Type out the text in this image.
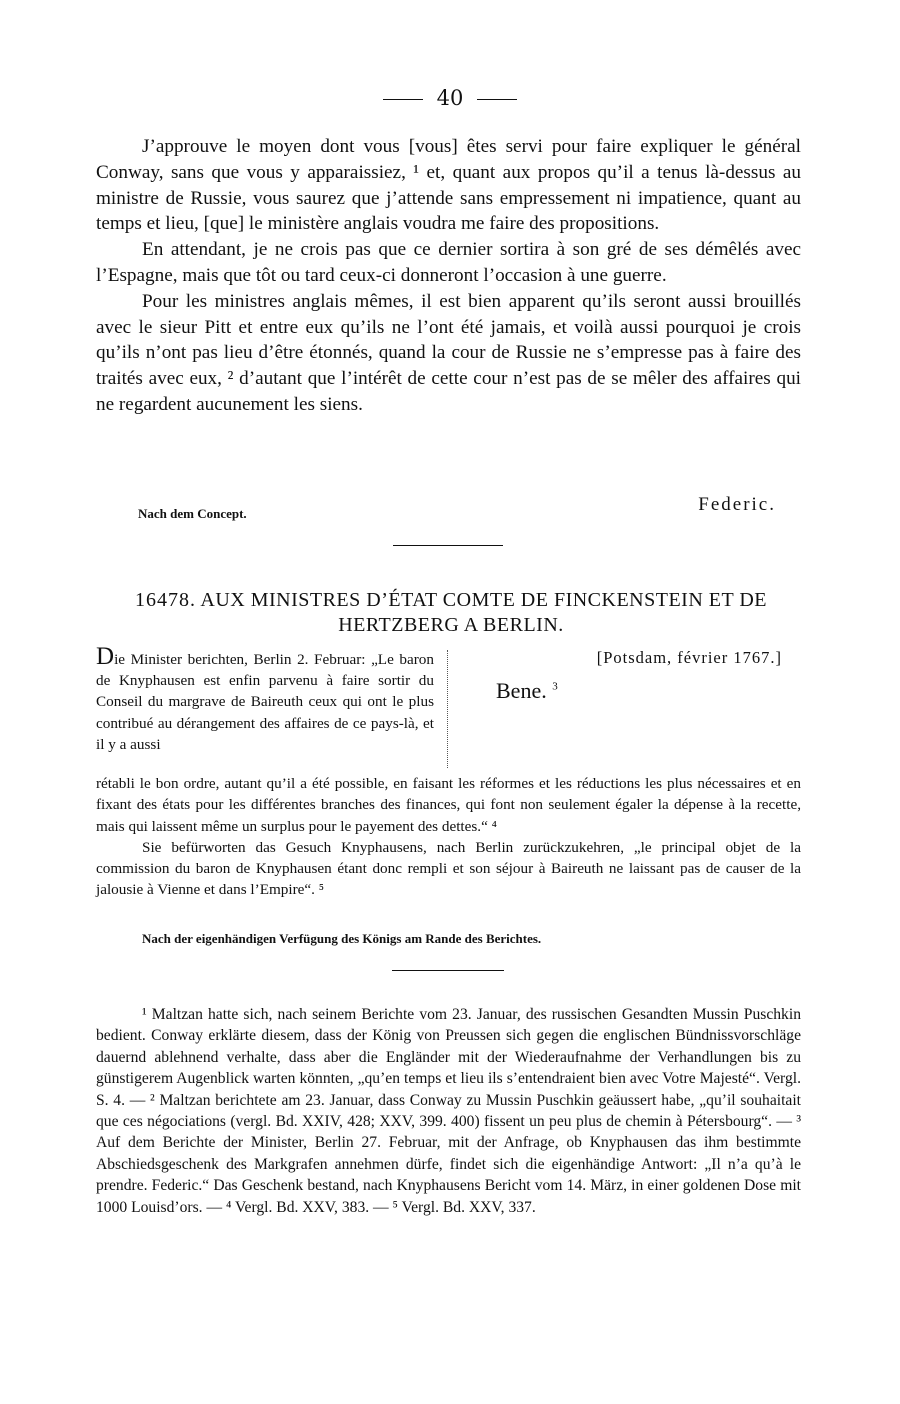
40

J’approuve le moyen dont vous [vous] êtes servi pour faire expliquer le général Conway, sans que vous y apparaissiez, ¹ et, quant aux propos qu’il a tenus là-dessus au ministre de Russie, vous saurez que j’attende sans empressement ni impatience, quant au temps et lieu, [que] le ministère anglais voudra me faire des propositions.

En attendant, je ne crois pas que ce dernier sortira à son gré de ses démêlés avec l’Espagne, mais que tôt ou tard ceux-ci donneront l’occasion à une guerre.

Pour les ministres anglais mêmes, il est bien apparent qu’ils seront aussi brouillés avec le sieur Pitt et entre eux qu’ils ne l’ont été jamais, et voilà aussi pourquoi je crois qu’ils n’ont pas lieu d’être étonnés, quand la cour de Russie ne s’empresse pas à faire des traités avec eux, ² d’autant que l’intérêt de cette cour n’est pas de se mêler des affaires qui ne regardent aucunement les siens.

Federic.
Nach dem Concept.
16478. AUX MINISTRES D’ÉTAT COMTE DE FINCKENSTEIN ET DE HERTZBERG A BERLIN.
Die Minister berichten, Berlin 2. Februar: „Le baron de Knyphausen est enfin parvenu à faire sortir du Conseil du margrave de Baireuth ceux qui ont le plus contribué au dérangement des affaires de ce pays-là, et il y a aussi
[Potsdam, février 1767.]
Bene. $^3$

rétabli le bon ordre, autant qu’il a été possible, en faisant les réformes et les réductions les plus nécessaires et en fixant des états pour les différentes branches des finances, qui font non seulement égaler la dépense à la recette, mais qui laissent même un surplus pour le payement des dettes.“ ⁴

Sie befürworten das Gesuch Knyphausens, nach Berlin zurückzukehren, „le principal objet de la commission du baron de Knyphausen étant donc rempli et son séjour à Baireuth ne laissant pas de causer de la jalousie à Vienne et dans l’Empire“. ⁵

Nach der eigenhändigen Verfügung des Königs am Rande des Berichtes.
¹ Maltzan hatte sich, nach seinem Berichte vom 23. Januar, des russischen Gesandten Mussin Puschkin bedient. Conway erklärte diesem, dass der König von Preussen sich gegen die englischen Bündnissvorschläge dauernd ablehnend verhalte, dass aber die Engländer mit der Wiederaufnahme der Verhandlungen bis zu günstigerem Augenblick warten könnten, „qu’en temps et lieu ils s’entendraient bien avec Votre Majesté“. Vergl. S. 4. — ² Maltzan berichtete am 23. Januar, dass Conway zu Mussin Puschkin geäussert habe, „qu’il souhaitait que ces négociations (vergl. Bd. XXIV, 428; XXV, 399. 400) fissent un peu plus de chemin à Pétersbourg“. — ³ Auf dem Berichte der Minister, Berlin 27. Februar, mit der Anfrage, ob Knyphausen das ihm bestimmte Abschiedsgeschenk des Markgrafen annehmen dürfe, findet sich die eigenhändige Antwort: „Il n’a qu’à le prendre. Federic.“ Das Geschenk bestand, nach Knyphausens Bericht vom 14. März, in einer goldenen Dose mit 1000 Louisd’ors. — ⁴ Vergl. Bd. XXV, 383. — ⁵ Vergl. Bd. XXV, 337.
